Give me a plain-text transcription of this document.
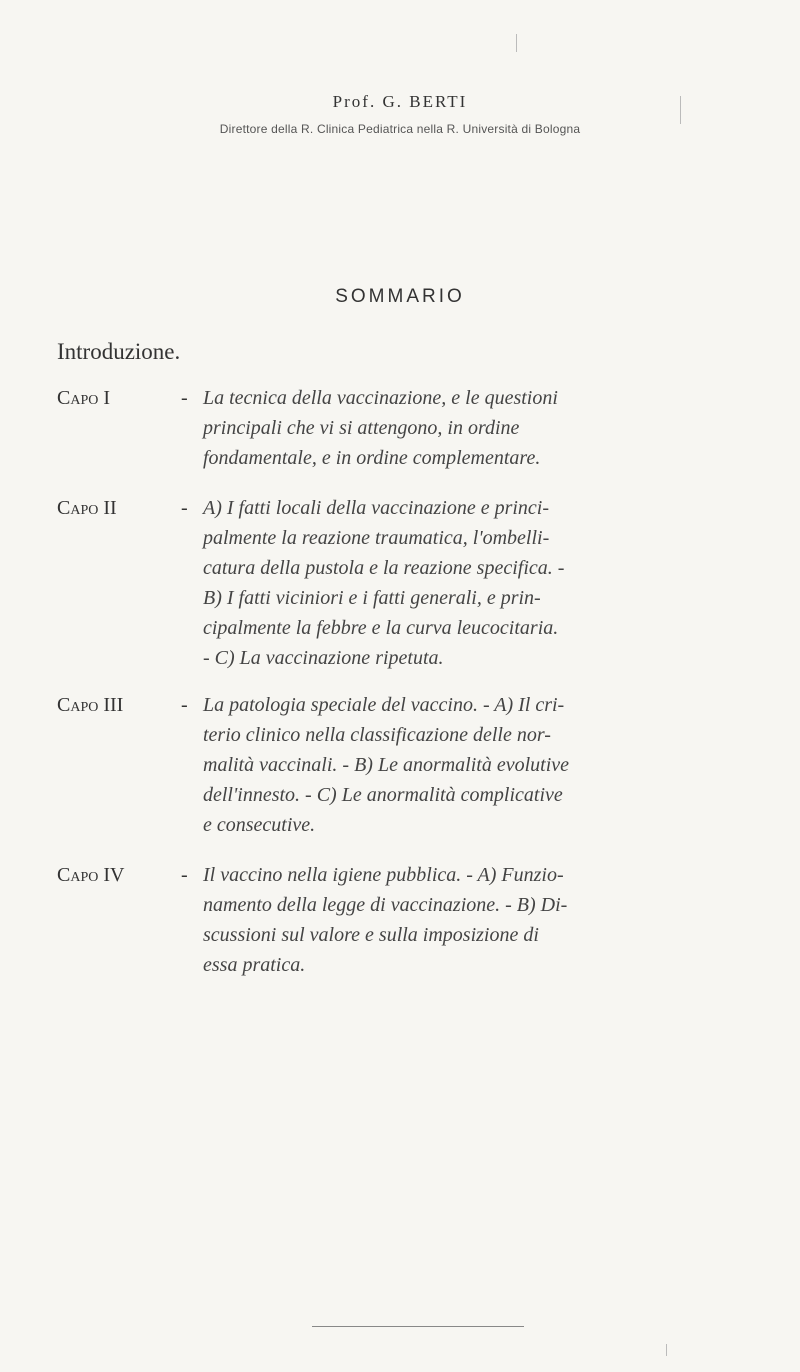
Prof. G. BERTI
Direttore della R. Clinica Pediatrica nella R. Università di Bologna
SOMMARIO
Introduzione.
Capo I	- La tecnica della vaccinazione, e le questioni
principali che vi si attengono, in ordine
fondamentale, e in ordine complementare.
Capo II	- A) I fatti locali della vaccinazione e princi-
palmente la reazione traumatica, l'ombelli-
catura della pustola e la reazione specifica. -
B) I fatti viciniori e i fatti generali, e prin-
cipalmente la febbre e la curva leucocitaria.
- C) La vaccinazione ripetuta.
Capo III	- La patologia speciale del vaccino. - A) Il cri-
terio clinico nella classificazione delle nor-
malità vaccinali. - B) Le anormalità evolutive
dell'innesto. - C) Le anormalità complicative
e consecutive.
Capo IV	- Il vaccino nella igiene pubblica. - A) Funzio-
namento della legge di vaccinazione. - B) Di-
scussioni sul valore e sulla imposizione di
essa pratica.
